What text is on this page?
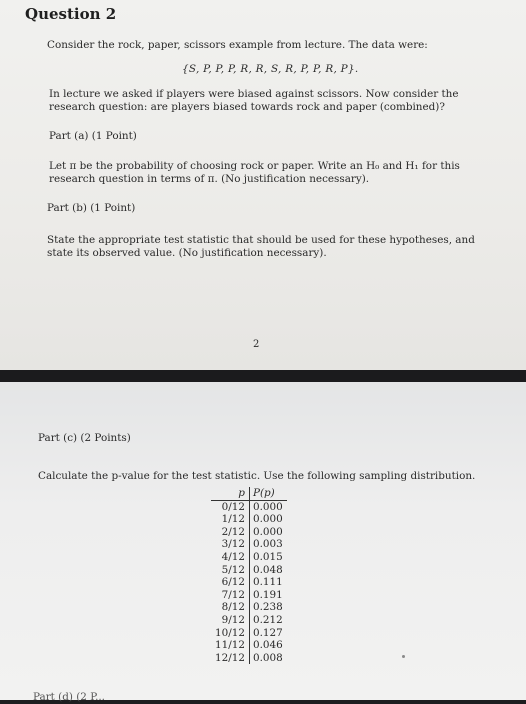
Question 2
Consider the rock, paper, scissors example from lecture. The data were:
{S, P, P, P, R, R, S, R, P, P, R, P}.
In lecture we asked if players were biased against scissors. Now consider the research question: are players biased towards rock and paper (combined)?
Part (a) (1 Point)
Let π be the probability of choosing rock or paper. Write an H₀ and H₁ for this research question in terms of π. (No justification necessary).
Part (b) (1 Point)
State the appropriate test statistic that should be used for these hypotheses, and state its observed value. (No justification necessary).
2
Part (c) (2 Points)
Calculate the p-value for the test statistic. Use the following sampling distribution.
p	P(p)
0/12	0.000
1/12	0.000
2/12	0.000
3/12	0.003
4/12	0.015
5/12	0.048
6/12	0.111
7/12	0.191
8/12	0.238
9/12	0.212
10/12	0.127
11/12	0.046
12/12	0.008
Part (d) (2 P...
